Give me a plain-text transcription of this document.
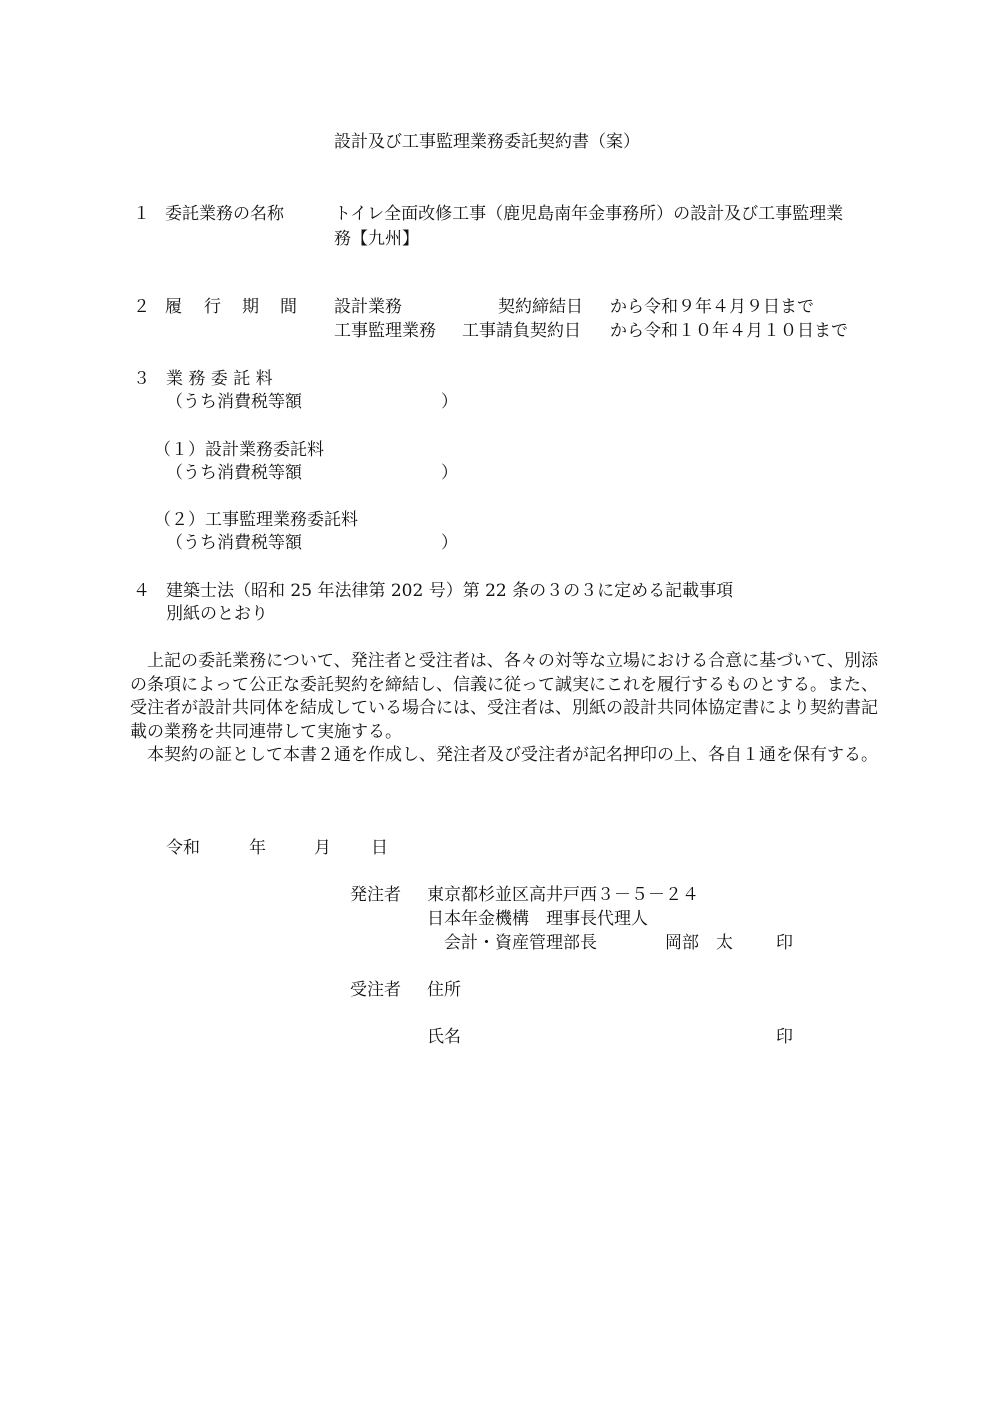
設計及び工事監理業務委託契約書（案）
１ 委託業務の名称	トイレ全面改修工事（鹿児島南年金事務所）の設計及び工事監理業
務【九州】
２ 履 行 期 間 設計業務	契約締結日 から令和９年４月９日まで
工事監理業務 工事請負契約日 から令和１０年４月１０日まで
３ 業 務 委 託 料
（うち消費税等額	）
（１）設計業務委託料
（うち消費税等額	）
（２）工事監理業務委託料
（うち消費税等額	）
４ 建築士法（昭和 25 年法律第 202 号）第 22 条の３の３に定める記載事項
別紙のとおり
上記の委託業務について、発注者と受注者は、各々の対等な立場における合意に基づいて、別添の条項によって公正な委託契約を締結し、信義に従って誠実にこれを履行するものとする。また、受注者が設計共同体を結成している場合には、受注者は、別紙の設計共同体協定書により契約書記載の業務を共同連帯して実施する。
本契約の証として本書２通を作成し、発注者及び受注者が記名押印の上、各自１通を保有する。
令和	年	月 日
発注者 東京都杉並区高井戸西３－５－２４
日本年金機構　理事長代理人
会計・資産管理部長	岡部　太	印
受注者 住所
氏名	印
